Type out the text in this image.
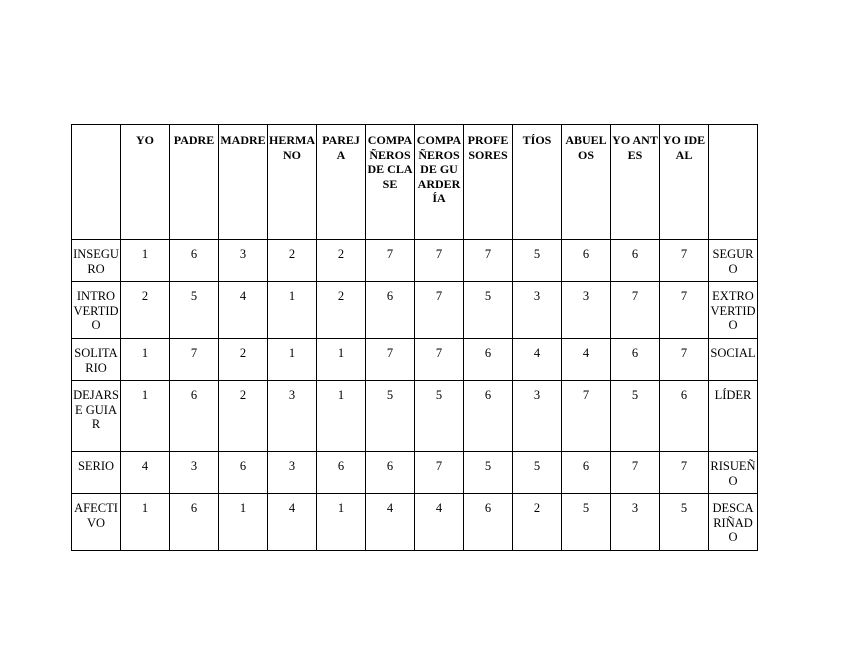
	YO	PADRE	MADRE	HERMANO	PAREJA	COMPAÑEROS DE CLASE	COMPAÑEROS DE GUARDERÍA	PROFESORES	TÍOS	ABUELOS	YO ANTES	YO IDEAL	
INSEGURO	1	6	3	2	2	7	7	7	5	6	6	7	SEGURO
INTROVERTIDO	2	5	4	1	2	6	7	5	3	3	7	7	EXTROVERTIDO
SOLITARIO	1	7	2	1	1	7	7	6	4	4	6	7	SOCIAL
DEJARSE GUIAR	1	6	2	3	1	5	5	6	3	7	5	6	LÍDER
SERIO	4	3	6	3	6	6	7	5	5	6	7	7	RISUEÑO
AFECTIVO	1	6	1	4	1	4	4	6	2	5	3	5	DESCARIÑADO
